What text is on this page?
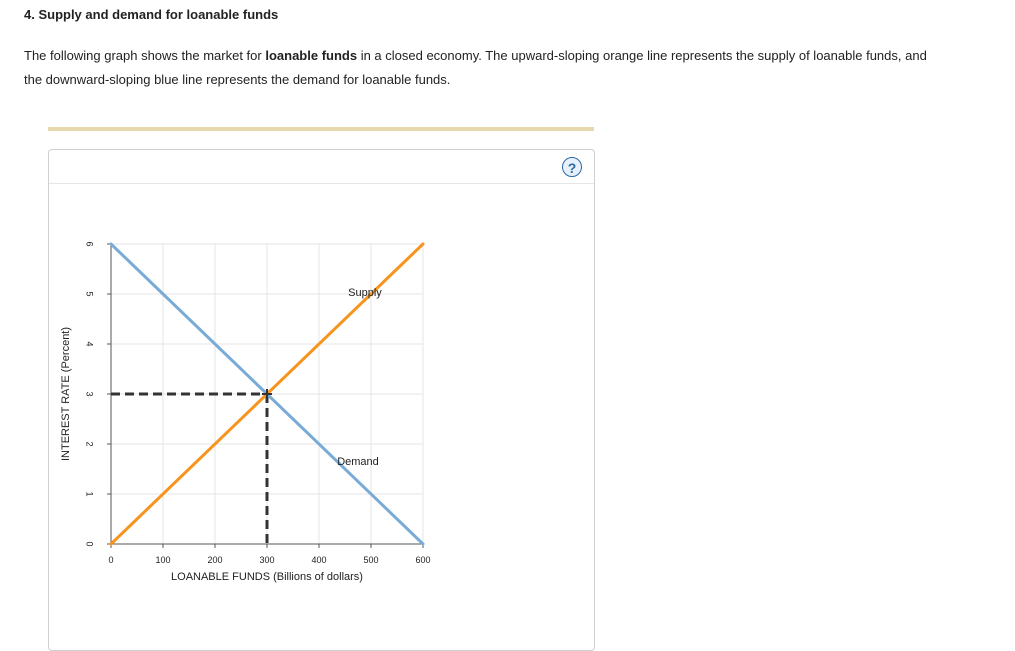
4. Supply and demand for loanable funds
The following graph shows the market for loanable funds in a closed economy. The upward-sloping orange line represents the supply of loanable funds, and the downward-sloping blue line represents the demand for loanable funds.
?
0
1
2
3
4
5
6
0	100	200	300	400	500	600
LOANABLE FUNDS (Billions of dollars)
INTEREST RATE (Percent)
Supply
Demand
